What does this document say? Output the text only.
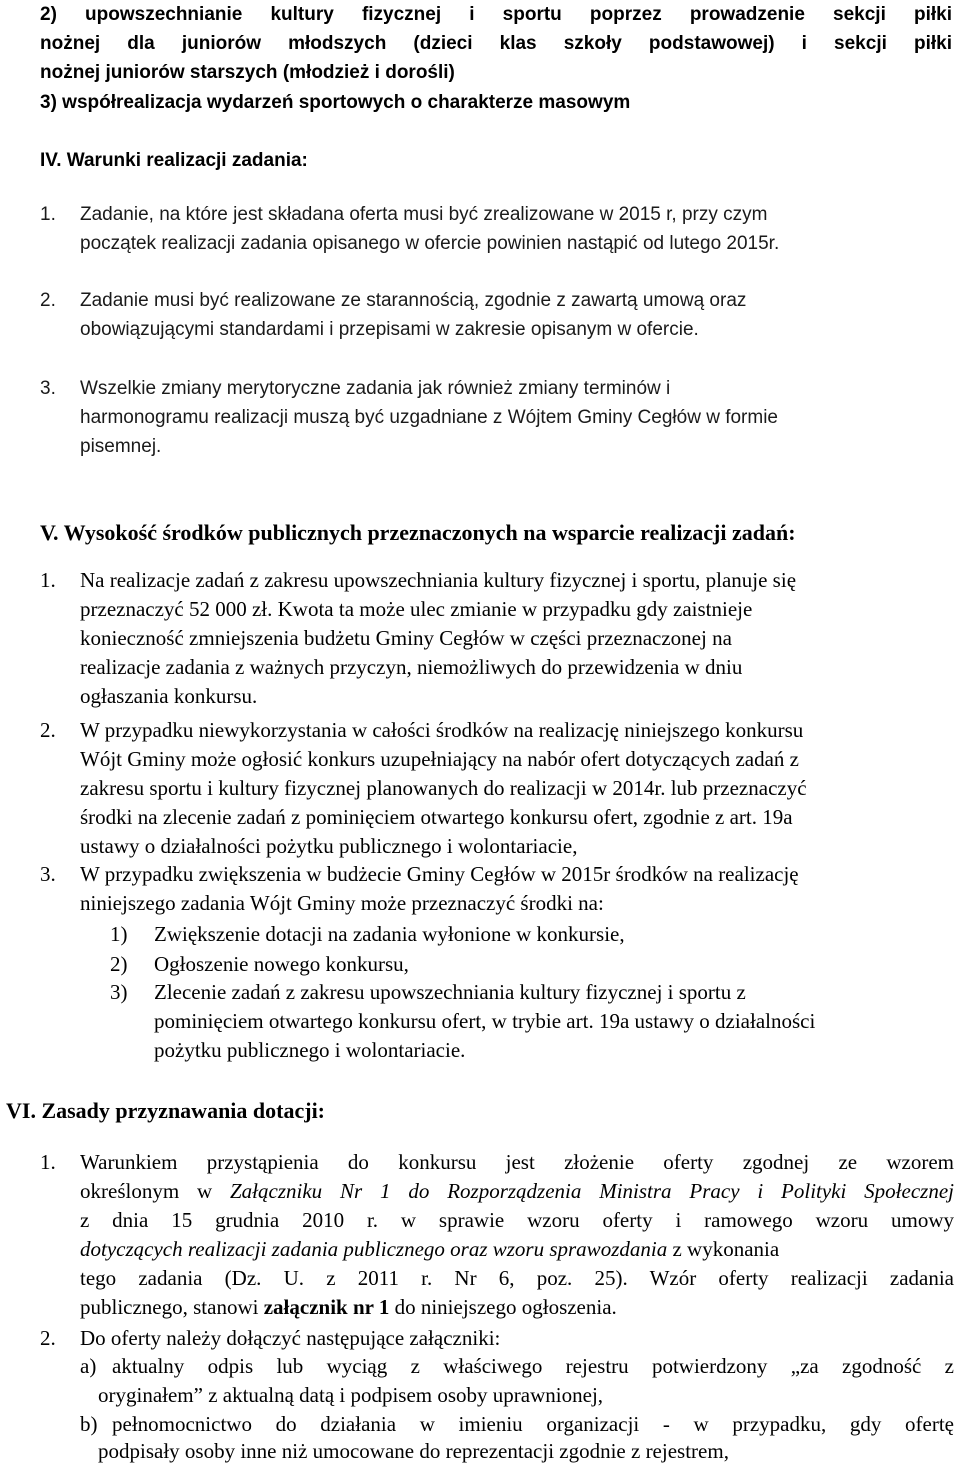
2) upowszechnianie kultury fizycznej i sportu poprzez prowadzenie sekcji piłki
nożnej dla juniorów młodszych (dzieci klas szkoły podstawowej) i sekcji piłki
nożnej juniorów starszych (młodzież i dorośli)
3) współrealizacja wydarzeń sportowych o charakterze masowym
IV. Warunki realizacji zadania:
1. Zadanie, na które jest składana oferta musi być zrealizowane w 2015 r, przy czym
początek realizacji zadania opisanego w ofercie powinien nastąpić od lutego 2015r.
2. Zadanie musi być realizowane ze starannością, zgodnie z zawartą umową oraz
obowiązującymi standardami i przepisami w zakresie opisanym w ofercie.
3. Wszelkie zmiany merytoryczne zadania jak również zmiany terminów i
harmonogramu realizacji muszą być uzgadniane z Wójtem Gminy Cegłów w formie
pisemnej.
V. Wysokość środków publicznych przeznaczonych na wsparcie realizacji zadań:
1. Na realizacje zadań z zakresu upowszechniania kultury fizycznej i sportu, planuje się
przeznaczyć 52 000 zł. Kwota ta może ulec zmianie w przypadku gdy zaistnieje
konieczność zmniejszenia budżetu Gminy Cegłów w części przeznaczonej na
realizacje zadania z ważnych przyczyn, niemożliwych do przewidzenia w dniu
ogłaszania konkursu.
2. W przypadku niewykorzystania w całości środków na realizację niniejszego konkursu
Wójt Gminy może ogłosić konkurs uzupełniający na nabór ofert dotyczących zadań z
zakresu sportu i kultury fizycznej planowanych do realizacji w 2014r. lub przeznaczyć
środki na zlecenie zadań z pominięciem otwartego konkursu ofert, zgodnie z art. 19a
ustawy o działalności pożytku publicznego i wolontariacie,
3. W przypadku zwiększenia w budżecie Gminy Cegłów w 2015r środków na realizację
niniejszego zadania Wójt Gminy może przeznaczyć środki na:
1) Zwiększenie dotacji na zadania wyłonione w konkursie,
2) Ogłoszenie nowego konkursu,
3) Zlecenie zadań z zakresu upowszechniania kultury fizycznej i sportu z
pominięciem otwartego konkursu ofert, w trybie art. 19a ustawy o działalności
pożytku publicznego i wolontariacie.
VI. Zasady przyznawania dotacji:
1. Warunkiem przystąpienia do konkursu jest złożenie oferty zgodnej ze wzorem
określonym w Załączniku Nr 1 do Rozporządzenia Ministra Pracy i Polityki Społecznej
z dnia 15 grudnia 2010 r. w sprawie wzoru oferty i ramowego wzoru umowy
dotyczących realizacji zadania publicznego oraz wzoru sprawozdania z wykonania
tego zadania (Dz. U. z 2011 r. Nr 6, poz. 25). Wzór oferty realizacji zadania
publicznego, stanowi załącznik nr 1 do niniejszego ogłoszenia.
2. Do oferty należy dołączyć następujące załączniki:
a) aktualny odpis lub wyciąg z właściwego rejestru potwierdzony „za zgodność z
oryginałem” z aktualną datą i podpisem osoby uprawnionej,
b) pełnomocnictwo do działania w imieniu organizacji - w przypadku, gdy ofertę
podpisały osoby inne niż umocowane do reprezentacji zgodnie z rejestrem,
